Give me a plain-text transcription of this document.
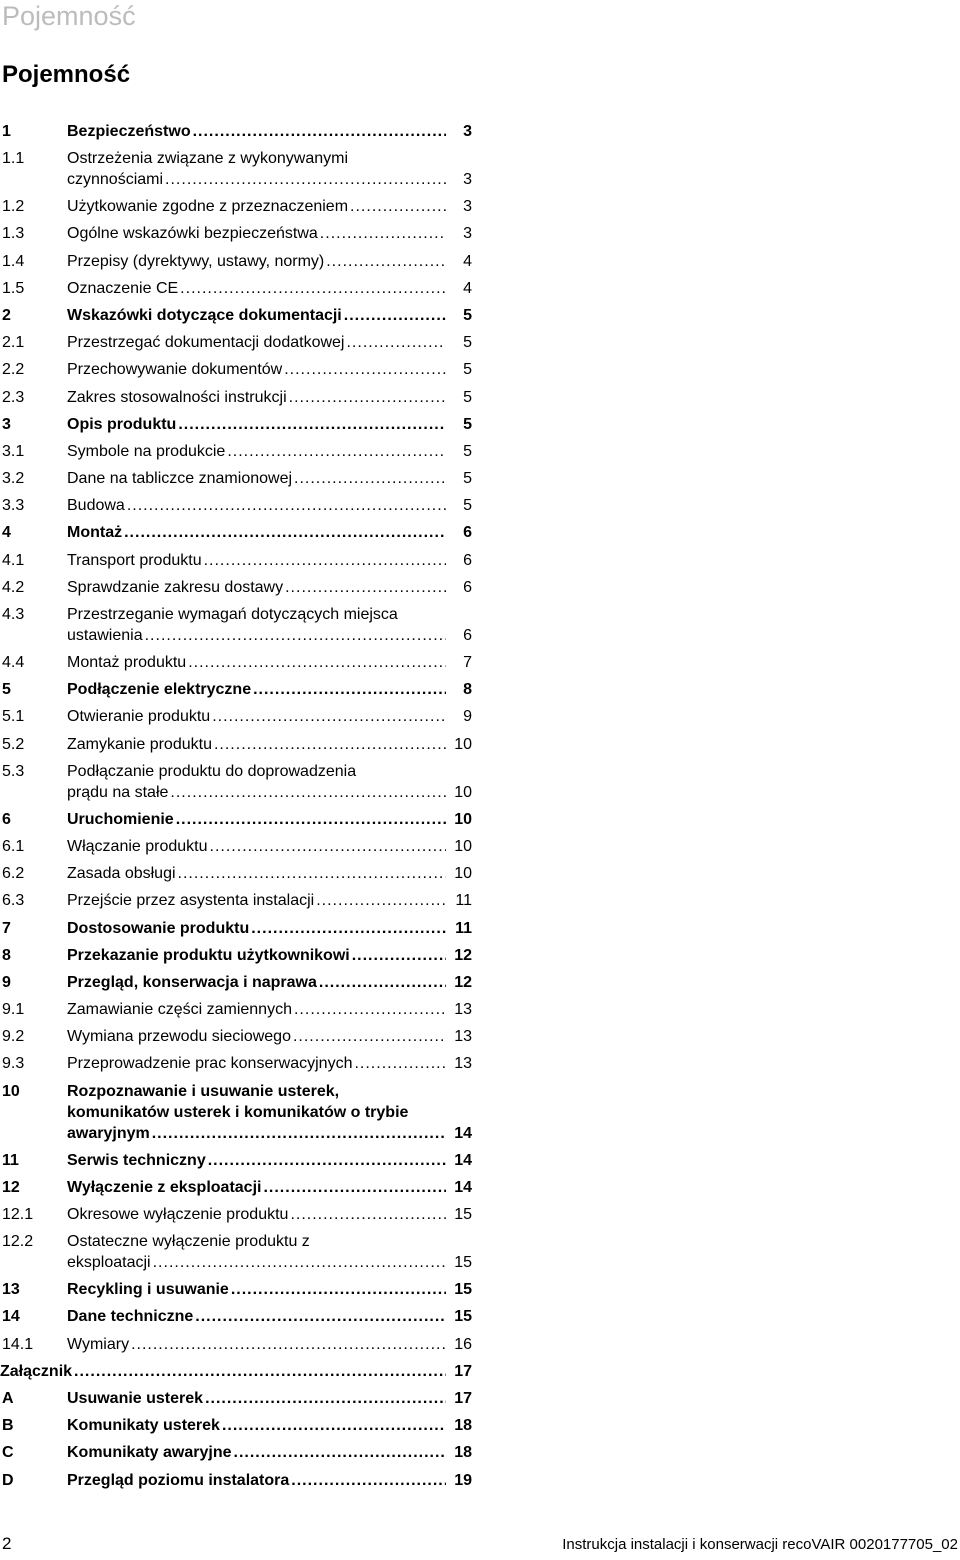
Pojemność
Pojemność
1	Bezpieczeństwo .....	3
1.1	Ostrzeżenia związane z wykonywanymi
czynnościami .....	3
1.2	Użytkowanie zgodne z przeznaczeniem .....	3
1.3	Ogólne wskazówki bezpieczeństwa .....	3
1.4	Przepisy (dyrektywy, ustawy, normy) .....	4
1.5	Oznaczenie CE .....	4
2	Wskazówki dotyczące dokumentacji .....	5
2.1	Przestrzegać dokumentacji dodatkowej .....	5
2.2	Przechowywanie dokumentów .....	5
2.3	Zakres stosowalności instrukcji .....	5
3	Opis produktu .....	5
3.1	Symbole na produkcie .....	5
3.2	Dane na tabliczce znamionowej .....	5
3.3	Budowa .....	5
4	Montaż .....	6
4.1	Transport produktu .....	6
4.2	Sprawdzanie zakresu dostawy .....	6
4.3	Przestrzeganie wymagań dotyczących miejsca
ustawienia .....	6
4.4	Montaż produktu .....	7
5	Podłączenie elektryczne .....	8
5.1	Otwieranie produktu .....	9
5.2	Zamykanie produktu .....	10
5.3	Podłączanie produktu do doprowadzenia
prądu na stałe .....	10
6	Uruchomienie .....	10
6.1	Włączanie produktu .....	10
6.2	Zasada obsługi .....	10
6.3	Przejście przez asystenta instalacji .....	11
7	Dostosowanie produktu .....	11
8	Przekazanie produktu użytkownikowi .....	12
9	Przegląd, konserwacja i naprawa .....	12
9.1	Zamawianie części zamiennych .....	13
9.2	Wymiana przewodu sieciowego .....	13
9.3	Przeprowadzenie prac konserwacyjnych .....	13
10	Rozpoznawanie i usuwanie usterek,
komunikatów usterek i komunikatów o trybie
awaryjnym .....	14
11	Serwis techniczny .....	14
12	Wyłączenie z eksploatacji .....	14
12.1 Okresowe wyłączenie produktu .....	15
12.2 Ostateczne wyłączenie produktu z
eksploatacji .....	15
13	Recykling i usuwanie .....	15
14	Dane techniczne .....	15
14.1 Wymiary .....	16
Załącznik .....	17
A	Usuwanie usterek .....	17
B	Komunikaty usterek .....	18
C	Komunikaty awaryjne .....	18
D	Przegląd poziomu instalatora .....	19
2	Instrukcja instalacji i konserwacji recoVAIR 0020177705_02
